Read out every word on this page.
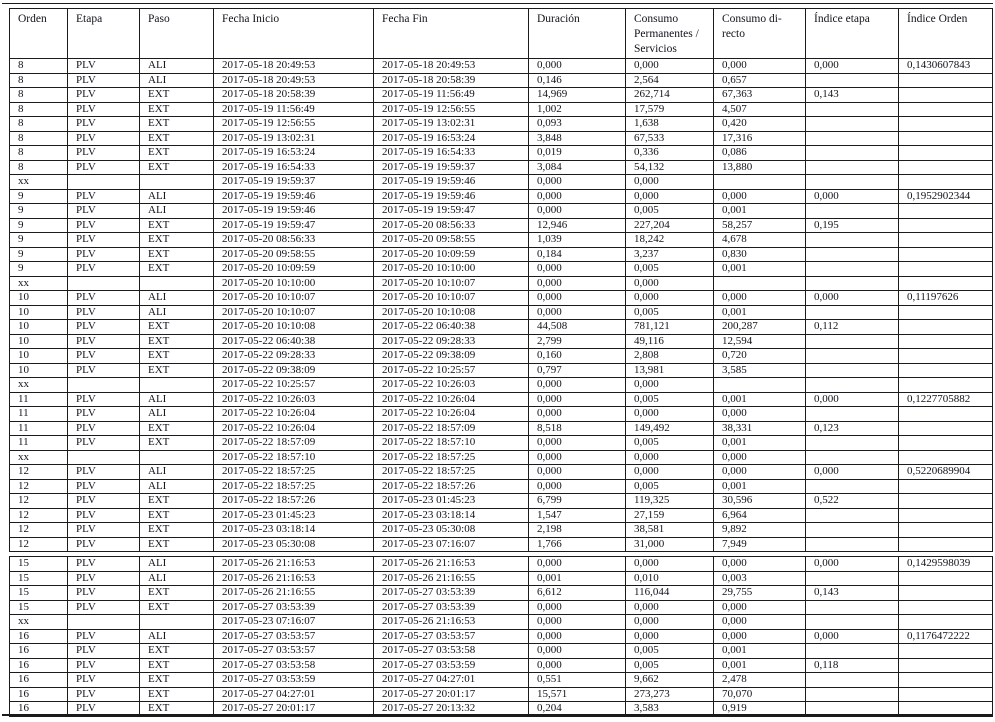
Orden	Etapa	Paso	Fecha Inicio	Fecha Fin	Duración	Consumo Permanentes / Servicios	Consumo di-recto	Índice etapa	Índice Orden
8	PLV	ALI	2017-05-18 20:49:53	2017-05-18 20:49:53	0,000	0,000	0,000	0,000	0,1430607843
8	PLV	ALI	2017-05-18 20:49:53	2017-05-18 20:58:39	0,146	2,564	0,657		
8	PLV	EXT	2017-05-18 20:58:39	2017-05-19 11:56:49	14,969	262,714	67,363	0,143	
8	PLV	EXT	2017-05-19 11:56:49	2017-05-19 12:56:55	1,002	17,579	4,507		
8	PLV	EXT	2017-05-19 12:56:55	2017-05-19 13:02:31	0,093	1,638	0,420		
8	PLV	EXT	2017-05-19 13:02:31	2017-05-19 16:53:24	3,848	67,533	17,316		
8	PLV	EXT	2017-05-19 16:53:24	2017-05-19 16:54:33	0,019	0,336	0,086		
8	PLV	EXT	2017-05-19 16:54:33	2017-05-19 19:59:37	3,084	54,132	13,880		
xx			2017-05-19 19:59:37	2017-05-19 19:59:46	0,000	0,000			
9	PLV	ALI	2017-05-19 19:59:46	2017-05-19 19:59:46	0,000	0,000	0,000	0,000	0,1952902344
9	PLV	ALI	2017-05-19 19:59:46	2017-05-19 19:59:47	0,000	0,005	0,001		
9	PLV	EXT	2017-05-19 19:59:47	2017-05-20 08:56:33	12,946	227,204	58,257	0,195	
9	PLV	EXT	2017-05-20 08:56:33	2017-05-20 09:58:55	1,039	18,242	4,678		
9	PLV	EXT	2017-05-20 09:58:55	2017-05-20 10:09:59	0,184	3,237	0,830		
9	PLV	EXT	2017-05-20 10:09:59	2017-05-20 10:10:00	0,000	0,005	0,001		
xx			2017-05-20 10:10:00	2017-05-20 10:10:07	0,000	0,000			
10	PLV	ALI	2017-05-20 10:10:07	2017-05-20 10:10:07	0,000	0,000	0,000	0,000	0,11197626
10	PLV	ALI	2017-05-20 10:10:07	2017-05-20 10:10:08	0,000	0,005	0,001		
10	PLV	EXT	2017-05-20 10:10:08	2017-05-22 06:40:38	44,508	781,121	200,287	0,112	
10	PLV	EXT	2017-05-22 06:40:38	2017-05-22 09:28:33	2,799	49,116	12,594		
10	PLV	EXT	2017-05-22 09:28:33	2017-05-22 09:38:09	0,160	2,808	0,720		
10	PLV	EXT	2017-05-22 09:38:09	2017-05-22 10:25:57	0,797	13,981	3,585		
xx			2017-05-22 10:25:57	2017-05-22 10:26:03	0,000	0,000			
11	PLV	ALI	2017-05-22 10:26:03	2017-05-22 10:26:04	0,000	0,005	0,001	0,000	0,1227705882
11	PLV	ALI	2017-05-22 10:26:04	2017-05-22 10:26:04	0,000	0,000	0,000		
11	PLV	EXT	2017-05-22 10:26:04	2017-05-22 18:57:09	8,518	149,492	38,331	0,123	
11	PLV	EXT	2017-05-22 18:57:09	2017-05-22 18:57:10	0,000	0,005	0,001		
xx			2017-05-22 18:57:10	2017-05-22 18:57:25	0,000	0,000	0,000		
12	PLV	ALI	2017-05-22 18:57:25	2017-05-22 18:57:25	0,000	0,000	0,000	0,000	0,5220689904
12	PLV	ALI	2017-05-22 18:57:25	2017-05-22 18:57:26	0,000	0,005	0,001		
12	PLV	EXT	2017-05-22 18:57:26	2017-05-23 01:45:23	6,799	119,325	30,596	0,522	
12	PLV	EXT	2017-05-23 01:45:23	2017-05-23 03:18:14	1,547	27,159	6,964		
12	PLV	EXT	2017-05-23 03:18:14	2017-05-23 05:30:08	2,198	38,581	9,892		
12	PLV	EXT	2017-05-23 05:30:08	2017-05-23 07:16:07	1,766	31,000	7,949		

15	PLV	ALI	2017-05-26 21:16:53	2017-05-26 21:16:53	0,000	0,000	0,000	0,000	0,1429598039
15	PLV	ALI	2017-05-26 21:16:53	2017-05-26 21:16:55	0,001	0,010	0,003		
15	PLV	EXT	2017-05-26 21:16:55	2017-05-27 03:53:39	6,612	116,044	29,755	0,143	
15	PLV	EXT	2017-05-27 03:53:39	2017-05-27 03:53:39	0,000	0,000	0,000		
xx			2017-05-23 07:16:07	2017-05-26 21:16:53	0,000	0,000	0,000		
16	PLV	ALI	2017-05-27 03:53:57	2017-05-27 03:53:57	0,000	0,000	0,000	0,000	0,1176472222
16	PLV	EXT	2017-05-27 03:53:57	2017-05-27 03:53:58	0,000	0,005	0,001		
16	PLV	EXT	2017-05-27 03:53:58	2017-05-27 03:53:59	0,000	0,005	0,001	0,118	
16	PLV	EXT	2017-05-27 03:53:59	2017-05-27 04:27:01	0,551	9,662	2,478		
16	PLV	EXT	2017-05-27 04:27:01	2017-05-27 20:01:17	15,571	273,273	70,070		
16	PLV	EXT	2017-05-27 20:01:17	2017-05-27 20:13:32	0,204	3,583	0,919		
